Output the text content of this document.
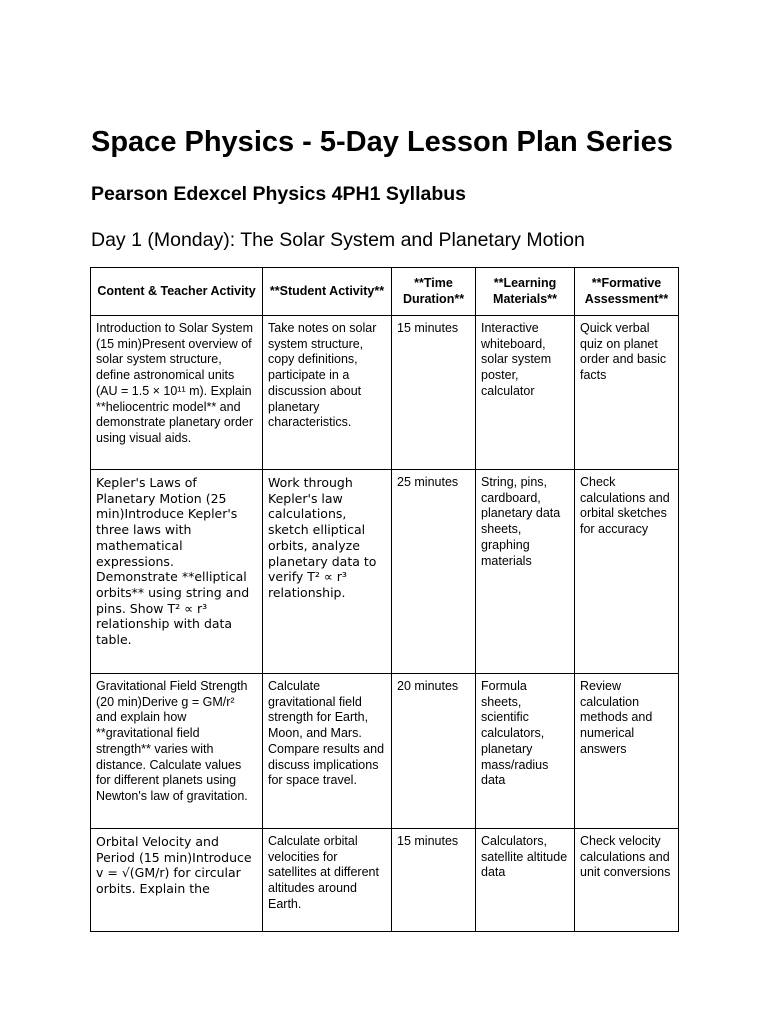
Space Physics - 5-Day Lesson Plan Series
Pearson Edexcel Physics 4PH1 Syllabus
Day 1 (Monday): The Solar System and Planetary Motion
Content & Teacher Activity	**Student Activity**	**Time Duration**	**Learning Materials**	**Formative Assessment**
Introduction to Solar System (15 min)Present overview of solar system structure, define astronomical units (AU = 1.5 × 10¹¹ m). Explain **heliocentric model** and demonstrate planetary order using visual aids.	Take notes on solar system structure, copy definitions, participate in a discussion about planetary characteristics.	15 minutes	Interactive whiteboard, solar system poster, calculator	Quick verbal quiz on planet order and basic facts
Kepler's Laws of Planetary Motion (25 min)Introduce Kepler's three laws with mathematical expressions. Demonstrate **elliptical orbits** using string and pins. Show T² ∝ r³ relationship with data table.	Work through Kepler's law calculations, sketch elliptical orbits, analyze planetary data to verify T² ∝ r³ relationship.	25 minutes	String, pins, cardboard, planetary data sheets, graphing materials	Check calculations and orbital sketches for accuracy
Gravitational Field Strength (20 min)Derive g = GM/r² and explain how **gravitational field strength** varies with distance. Calculate values for different planets using Newton's law of gravitation.	Calculate gravitational field strength for Earth, Moon, and Mars. Compare results and discuss implications for space travel.	20 minutes	Formula sheets, scientific calculators, planetary mass/radius data	Review calculation methods and numerical answers
Orbital Velocity and Period (15 min)Introduce v = √(GM/r) for circular orbits. Explain the	Calculate orbital velocities for satellites at different altitudes around Earth.	15 minutes	Calculators, satellite altitude data	Check velocity calculations and unit conversions
